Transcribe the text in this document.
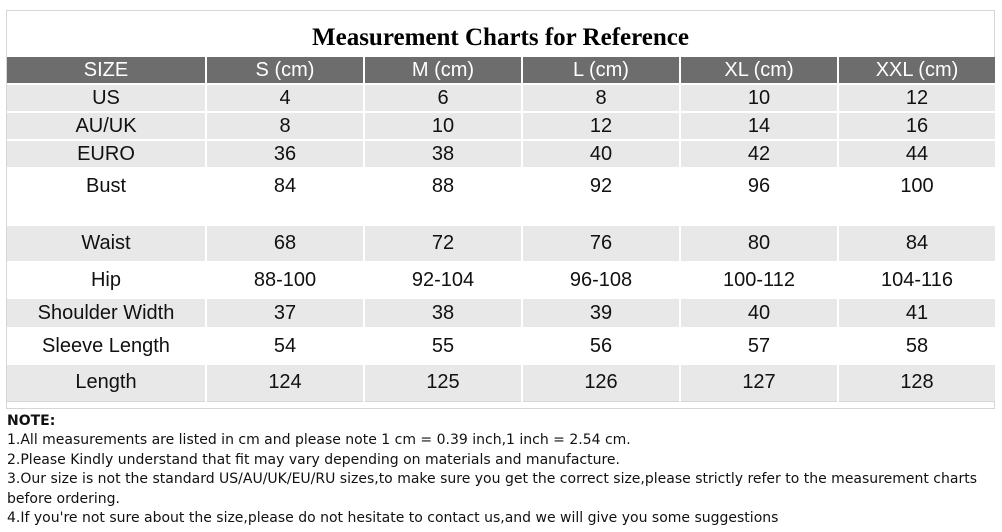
Measurement Charts for Reference
SIZE	S (cm)	M (cm)	L (cm)	XL (cm)	XXL (cm)
US	4	6	8	10	12
AU/UK	8	10	12	14	16
EURO	36	38	40	42	44
Bust	84	88	92	96	100

Waist	68	72	76	80	84
Hip	88-100	92-104	96-108	100-112	104-116
Shoulder Width	37	38	39	40	41
Sleeve Length	54	55	56	57	58
Length	124	125	126	127	128
NOTE:
1.All measurements are listed in cm and please note 1 cm = 0.39 inch,1 inch = 2.54 cm.
2.Please Kindly understand that fit may vary depending on materials and manufacture.
3.Our size is not the standard US/AU/UK/EU/RU sizes,to make sure you get the correct size,please strictly refer to the measurement charts before ordering.
4.If you're not sure about the size,please do not hesitate to contact us,and we will give you some suggestions
